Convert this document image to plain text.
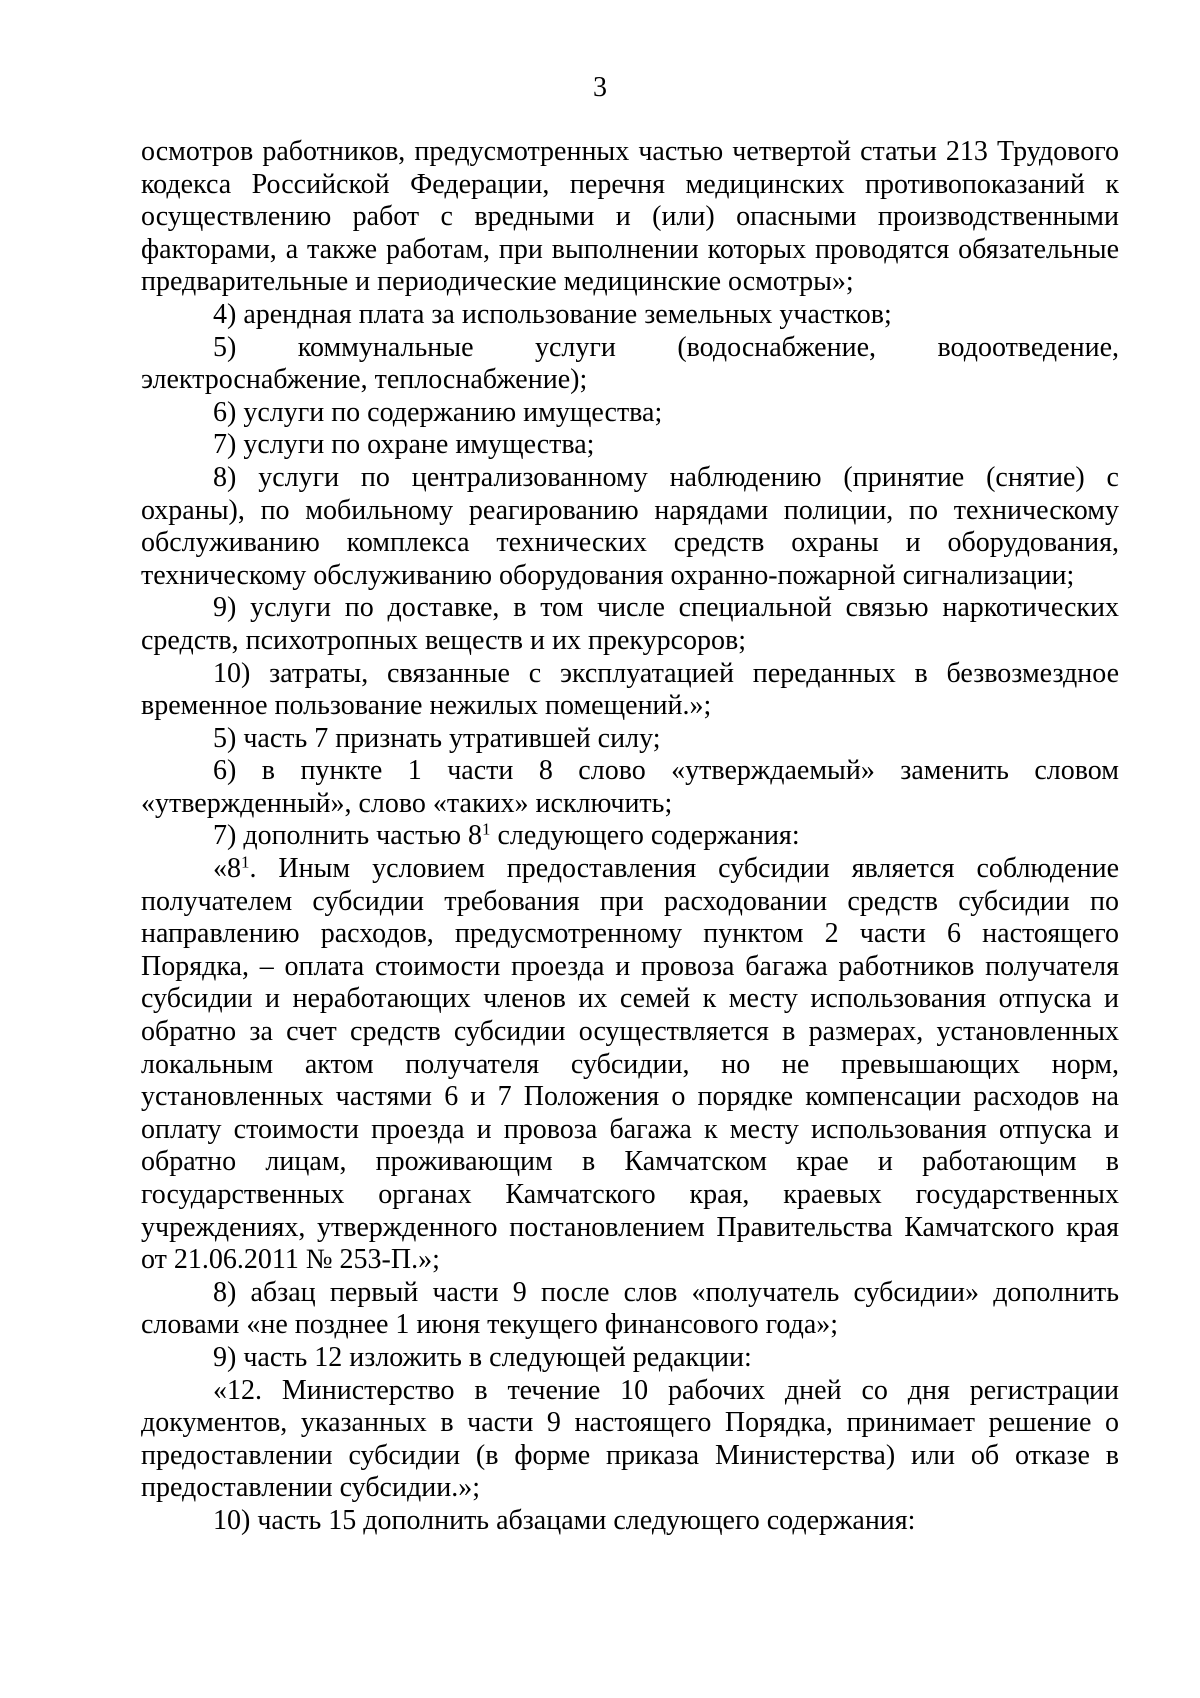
3

осмотров работников, предусмотренных частью четвертой статьи 213 Трудового кодекса Российской Федерации, перечня медицинских противопоказаний к осуществлению работ с вредными и (или) опасными производственными факторами, а также работам, при выполнении которых проводятся обязательные предварительные и периодические медицинские осмотры»;

4) арендная плата за использование земельных участков;

5) коммунальные услуги (водоснабжение, водоотведение, электроснабжение, теплоснабжение);

6) услуги по содержанию имущества;

7) услуги по охране имущества;

8) услуги по централизованному наблюдению (принятие (снятие) с охраны), по мобильному реагированию нарядами полиции, по техническому обслуживанию комплекса технических средств охраны и оборудования, техническому обслуживанию оборудования охранно-пожарной сигнализации;

9) услуги по доставке, в том числе специальной связью наркотических средств, психотропных веществ и их прекурсоров;

10) затраты, связанные с эксплуатацией переданных в безвозмездное временное пользование нежилых помещений.»;

5) часть 7 признать утратившей силу;

6) в пункте 1 части 8 слово «утверждаемый» заменить словом «утвержденный», слово «таких» исключить;

7) дополнить частью $8^1$ следующего содержания:

«$8^1$. Иным условием предоставления субсидии является соблюдение получателем субсидии требования при расходовании средств субсидии по направлению расходов, предусмотренному пунктом 2 части 6 настоящего Порядка, – оплата стоимости проезда и провоза багажа работников получателя субсидии и неработающих членов их семей к месту использования отпуска и обратно за счет средств субсидии осуществляется в размерах, установленных локальным актом получателя субсидии, но не превышающих норм, установленных частями 6 и 7 Положения о порядке компенсации расходов на оплату стоимости проезда и провоза багажа к месту использования отпуска и обратно лицам, проживающим в Камчатском крае и работающим в государственных органах Камчатского края, краевых государственных учреждениях, утвержденного постановлением Правительства Камчатского края от 21.06.2011 № 253-П.»;

8) абзац первый части 9 после слов «получатель субсидии» дополнить словами «не позднее 1 июня текущего финансового года»;

9) часть 12 изложить в следующей редакции:

«12. Министерство в течение 10 рабочих дней со дня регистрации документов, указанных в части 9 настоящего Порядка, принимает решение о предоставлении субсидии (в форме приказа Министерства) или об отказе в предоставлении субсидии.»;

10) часть 15 дополнить абзацами следующего содержания:
